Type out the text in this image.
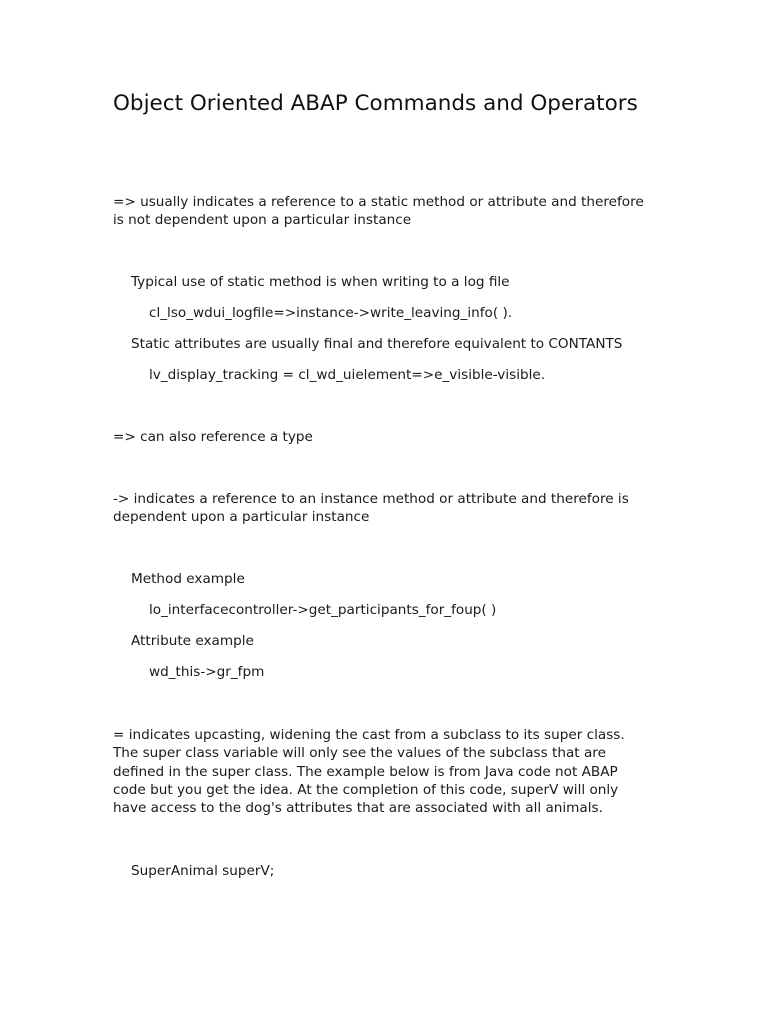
Object Oriented ABAP Commands and Operators

=> usually indicates a reference to a static method or attribute and therefore
is not dependent upon a particular instance

Typical use of static method is when writing to a log file

cl_lso_wdui_logfile=>instance->write_leaving_info( ).

Static attributes are usually final and therefore equivalent to CONTANTS

lv_display_tracking = cl_wd_uielement=>e_visible-visible.

=> can also reference a type

-> indicates a reference to an instance method or attribute and therefore is
dependent upon a particular instance

Method example

lo_interfacecontroller->get_participants_for_foup( )

Attribute example

wd_this->gr_fpm

= indicates upcasting, widening the cast from a subclass to its super class.
The super class variable will only see the values of the subclass that are
defined in the super class. The example below is from Java code not ABAP
code but you get the idea. At the completion of this code, superV will only
have access to the dog's attributes that are associated with all animals.

SuperAnimal superV;
